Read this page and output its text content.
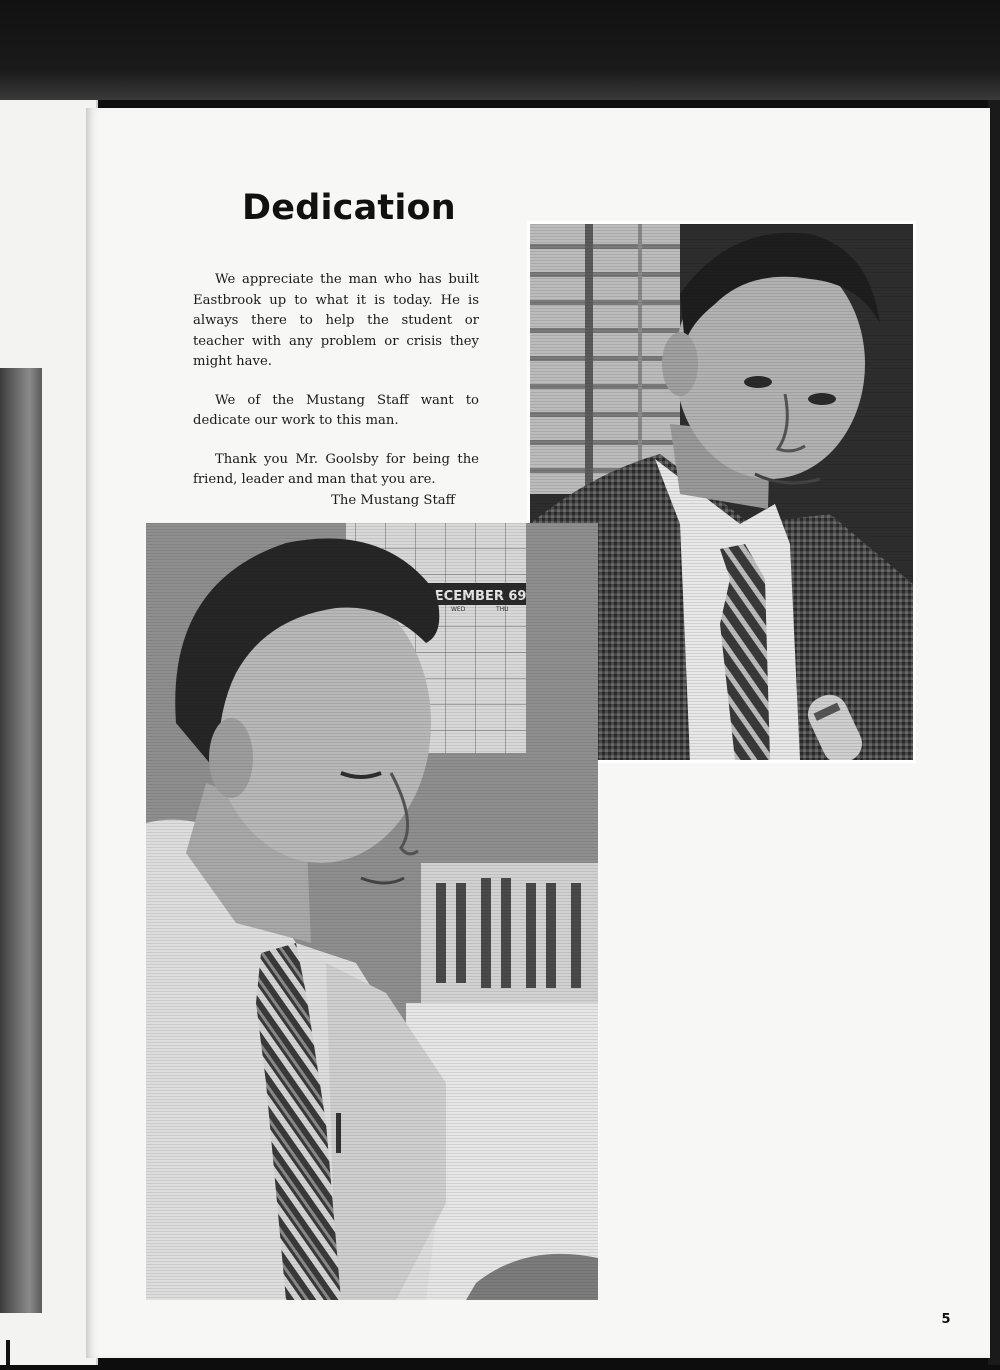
Dedication

We appreciate the man who has built Eastbrook up to what it is today. He is always there to help the student or teacher with any problem or crisis they might have.

We of the Mustang Staff want to dedicate our work to this man.

Thank you Mr. Goolsby for being the friend, leader and man that you are.

The Mustang Staff

5
